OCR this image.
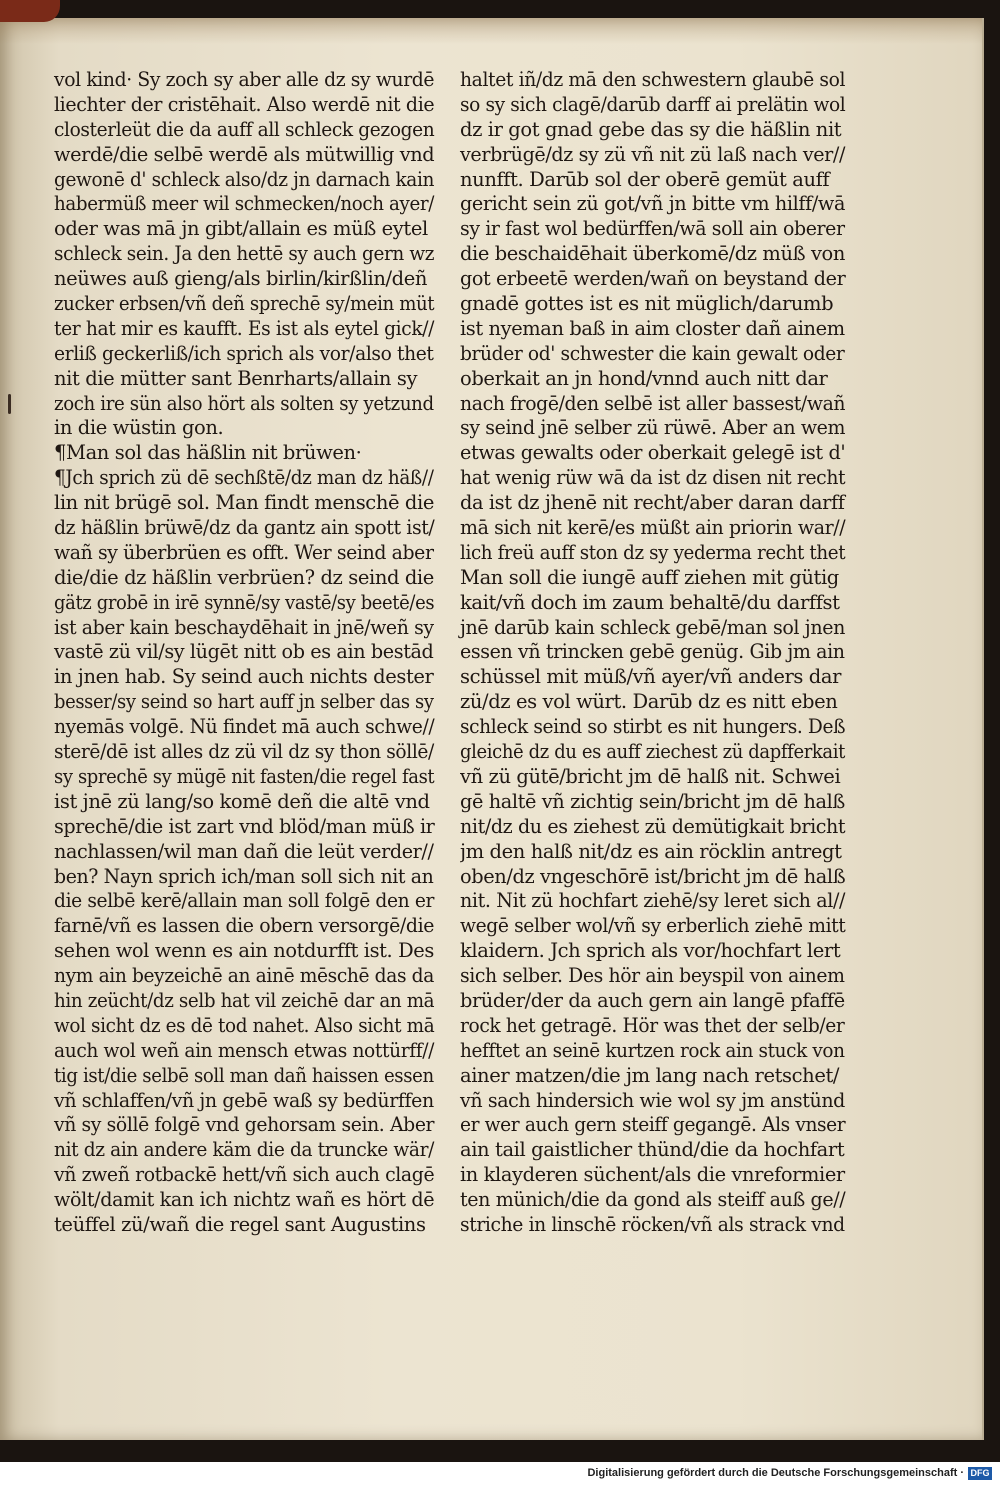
vol kind· Sy zoch sy aber alle dz sy wurdē
liechter der cristēhait. Also werdē nit die
closterleüt die da auff all schleck gezogen
werdē/die selbē werdē als mütwillig vnd
gewonē d' schleck also/dz jn darnach kain
habermüß meer wil schmecken/noch ayer/
oder was mā jn gibt/allain es müß eytel
schleck sein. Ja den hettē sy auch gern wz
neüwes auß gieng/als birlin/kirßlin/deñ
zucker erbsen/vñ deñ sprechē sy/mein müt
ter hat mir es kaufft. Es ist als eytel gick//
erliß geckerliß/ich sprich als vor/also thet
nit die mütter sant Benrharts/allain sy
zoch ire sün also hört als solten sy yetzund
in die wüstin gon.
¶Man sol das häßlin nit brüwen·
¶Jch sprich zü dē sechßtē/dz man dz häß//
lin nit brügē sol. Man findt menschē die
dz häßlin brüwē/dz da gantz ain spott ist/
wañ sy überbrüen es offt. Wer seind aber
die/die dz häßlin verbrüen? dz seind die
gätz grobē in irē synnē/sy vastē/sy beetē/es
ist aber kain beschaydēhait in jnē/weñ sy
vastē zü vil/sy lügēt nitt ob es ain bestād
in jnen hab. Sy seind auch nichts dester
besser/sy seind so hart auff jn selber das sy
nyemās volgē. Nü findet mā auch schwe//
sterē/dē ist alles dz zü vil dz sy thon söllē/
sy sprechē sy mügē nit fasten/die regel fast
ist jnē zü lang/so komē deñ die altē vnd
sprechē/die ist zart vnd blöd/man müß ir
nachlassen/wil man dañ die leüt verder//
ben? Nayn sprich ich/man soll sich nit an
die selbē kerē/allain man soll folgē den er
farnē/vñ es lassen die obern versorgē/die
sehen wol wenn es ain notdurfft ist. Des
nym ain beyzeichē an ainē mēschē das da
hin zeücht/dz selb hat vil zeichē dar an mā
wol sicht dz es dē tod nahet. Also sicht mā
auch wol weñ ain mensch etwas nottürff//
tig ist/die selbē soll man dañ haissen essen
vñ schlaffen/vñ jn gebē waß sy bedürffen
vñ sy söllē folgē vnd gehorsam sein. Aber
nit dz ain andere käm die da truncke wär/
vñ zweñ rotbackē hett/vñ sich auch clagē
wölt/damit kan ich nichtz wañ es hört dē
teüffel zü/wañ die regel sant Augustins
haltet iñ/dz mā den schwestern glaubē sol
so sy sich clagē/darūb darff ai prelätin wol
dz ir got gnad gebe das sy die häßlin nit
verbrügē/dz sy zü vñ nit zü laß nach ver//
nunfft. Darūb sol der oberē gemüt auff
gericht sein zü got/vñ jn bitte vm hilff/wā
sy ir fast wol bedürffen/wā soll ain oberer
die beschaidēhait überkomē/dz müß von
got erbeetē werden/wañ on beystand der
gnadē gottes ist es nit müglich/darumb
ist nyeman baß in aim closter dañ ainem
brüder od' schwester die kain gewalt oder
oberkait an jn hond/vnnd auch nitt dar
nach frogē/den selbē ist aller bassest/wañ
sy seind jnē selber zü rüwē. Aber an wem
etwas gewalts oder oberkait gelegē ist d'
hat wenig rüw wā da ist dz disen nit recht
da ist dz jhenē nit recht/aber daran darff
mā sich nit kerē/es müßt ain priorin war//
lich freü auff ston dz sy yederma recht thet
Man soll die iungē auff ziehen mit gütig
kait/vñ doch im zaum behaltē/du darffst
jnē darūb kain schleck gebē/man sol jnen
essen vñ trincken gebē genüg. Gib jm ain
schüssel mit müß/vñ ayer/vñ anders dar
zü/dz es vol würt. Darūb dz es nitt eben
schleck seind so stirbt es nit hungers. Deß
gleichē dz du es auff ziechest zü dapfferkait
vñ zü gütē/bricht jm dē halß nit. Schwei
gē haltē vñ zichtig sein/bricht jm dē halß
nit/dz du es ziehest zü demütigkait bricht
jm den halß nit/dz es ain röcklin antregt
oben/dz vngeschōrē ist/bricht jm dē halß
nit. Nit zü hochfart ziehē/sy leret sich al//
wegē selber wol/vñ sy erberlich ziehē mitt
klaidern. Jch sprich als vor/hochfart lert
sich selber. Des hör ain beyspil von ainem
brüder/der da auch gern ain langē pfaffē
rock het getragē. Hör was thet der selb/er
hefftet an seinē kurtzen rock ain stuck von
ainer matzen/die jm lang nach retschet/
vñ sach hindersich wie wol sy jm anstünd
er wer auch gern steiff gegangē. Als vnser
ain tail gaistlicher thünd/die da hochfart
in klayderen süchent/als die vnreformier
ten münich/die da gond als steiff auß ge//
striche in linschē röcken/vñ als strack vnd
Digitalisierung gefördert durch die Deutsche Forschungsgemeinschaft · DFG
